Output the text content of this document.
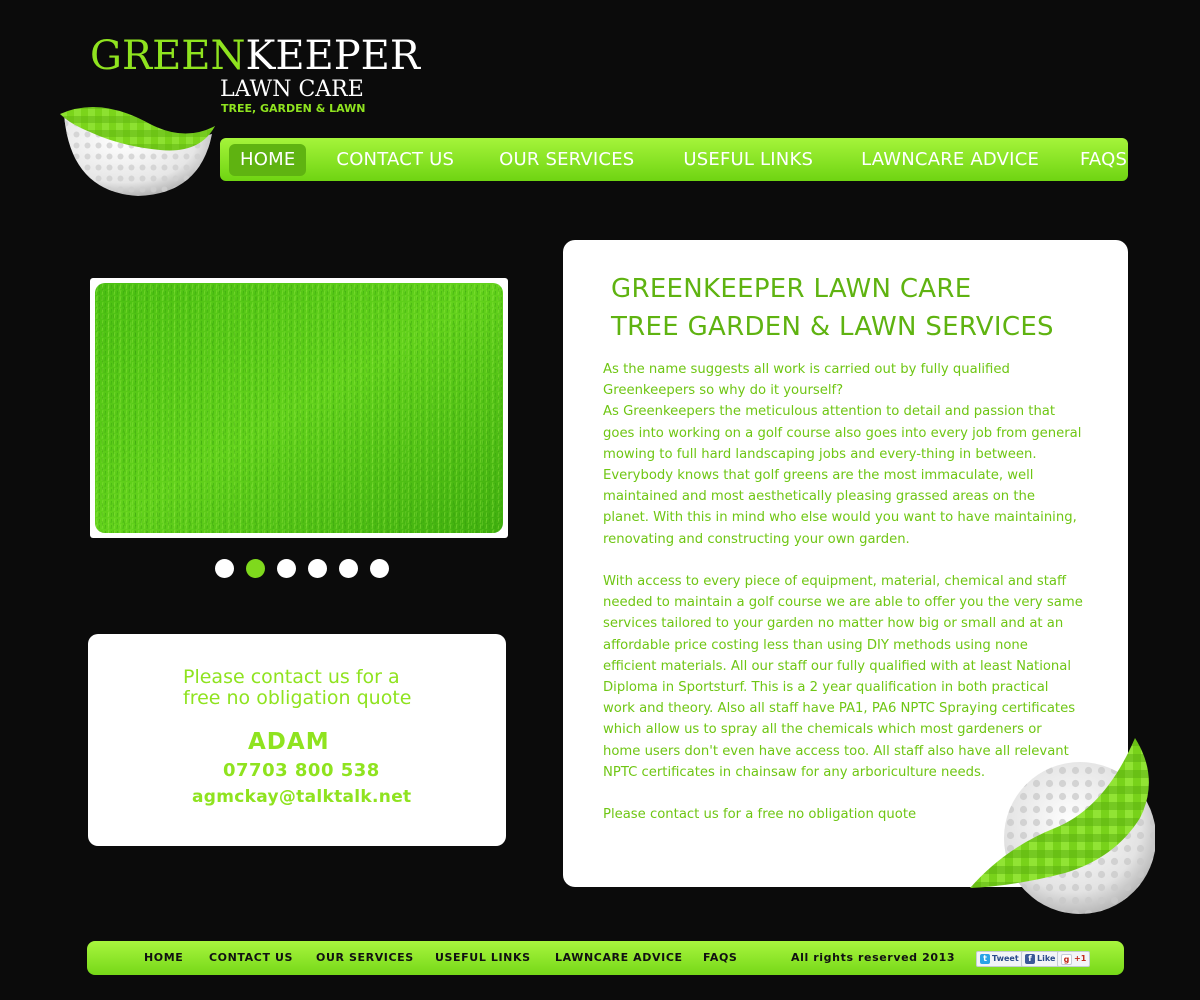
GREENKEEPER
LAWN CARE
TREE, GARDEN & LAWN
HOME	CONTACT US	OUR SERVICES	USEFUL LINKS	LAWNCARE ADVICE FAQS
Please contact us for a free no obligation quote
ADAM
07703 800 538
agmckay@talktalk.net
GREENKEEPER LAWN CARE
TREE GARDEN & LAWN SERVICES

As the name suggests all work is carried out by fully qualified Greenkeepers so why do it yourself?

As Greenkeepers the meticulous attention to detail and passion that goes into working on a golf course also goes into every job from general mowing to full hard landscaping jobs and every-thing in between.

Everybody knows that golf greens are the most immaculate, well maintained and most aesthetically pleasing grassed areas on the planet. With this in mind who else would you want to have maintaining, renovating and constructing your own garden.

With access to every piece of equipment, material, chemical and staff needed to maintain a golf course we are able to offer you the very same services tailored to your garden no matter how big or small and at an affordable price costing less than using DIY methods using none efficient materials. All our staff our fully qualified with at least National Diploma in Sportsturf. This is a 2 year qualification in both practical work and theory. Also all staff have PA1, PA6 NPTC Spraying certificates which allow us to spray all the chemicals which most gardeners or home users don't even have access too. All staff also have all relevant NPTC certificates in chainsaw for any arboriculture needs.

Please contact us for a free no obligation quote

HOME CONTACT US OUR SERVICES USEFUL LINKS LAWNCARE ADVICE FAQS	All rights reserved 2013	t Tweet	f Like	g +1
